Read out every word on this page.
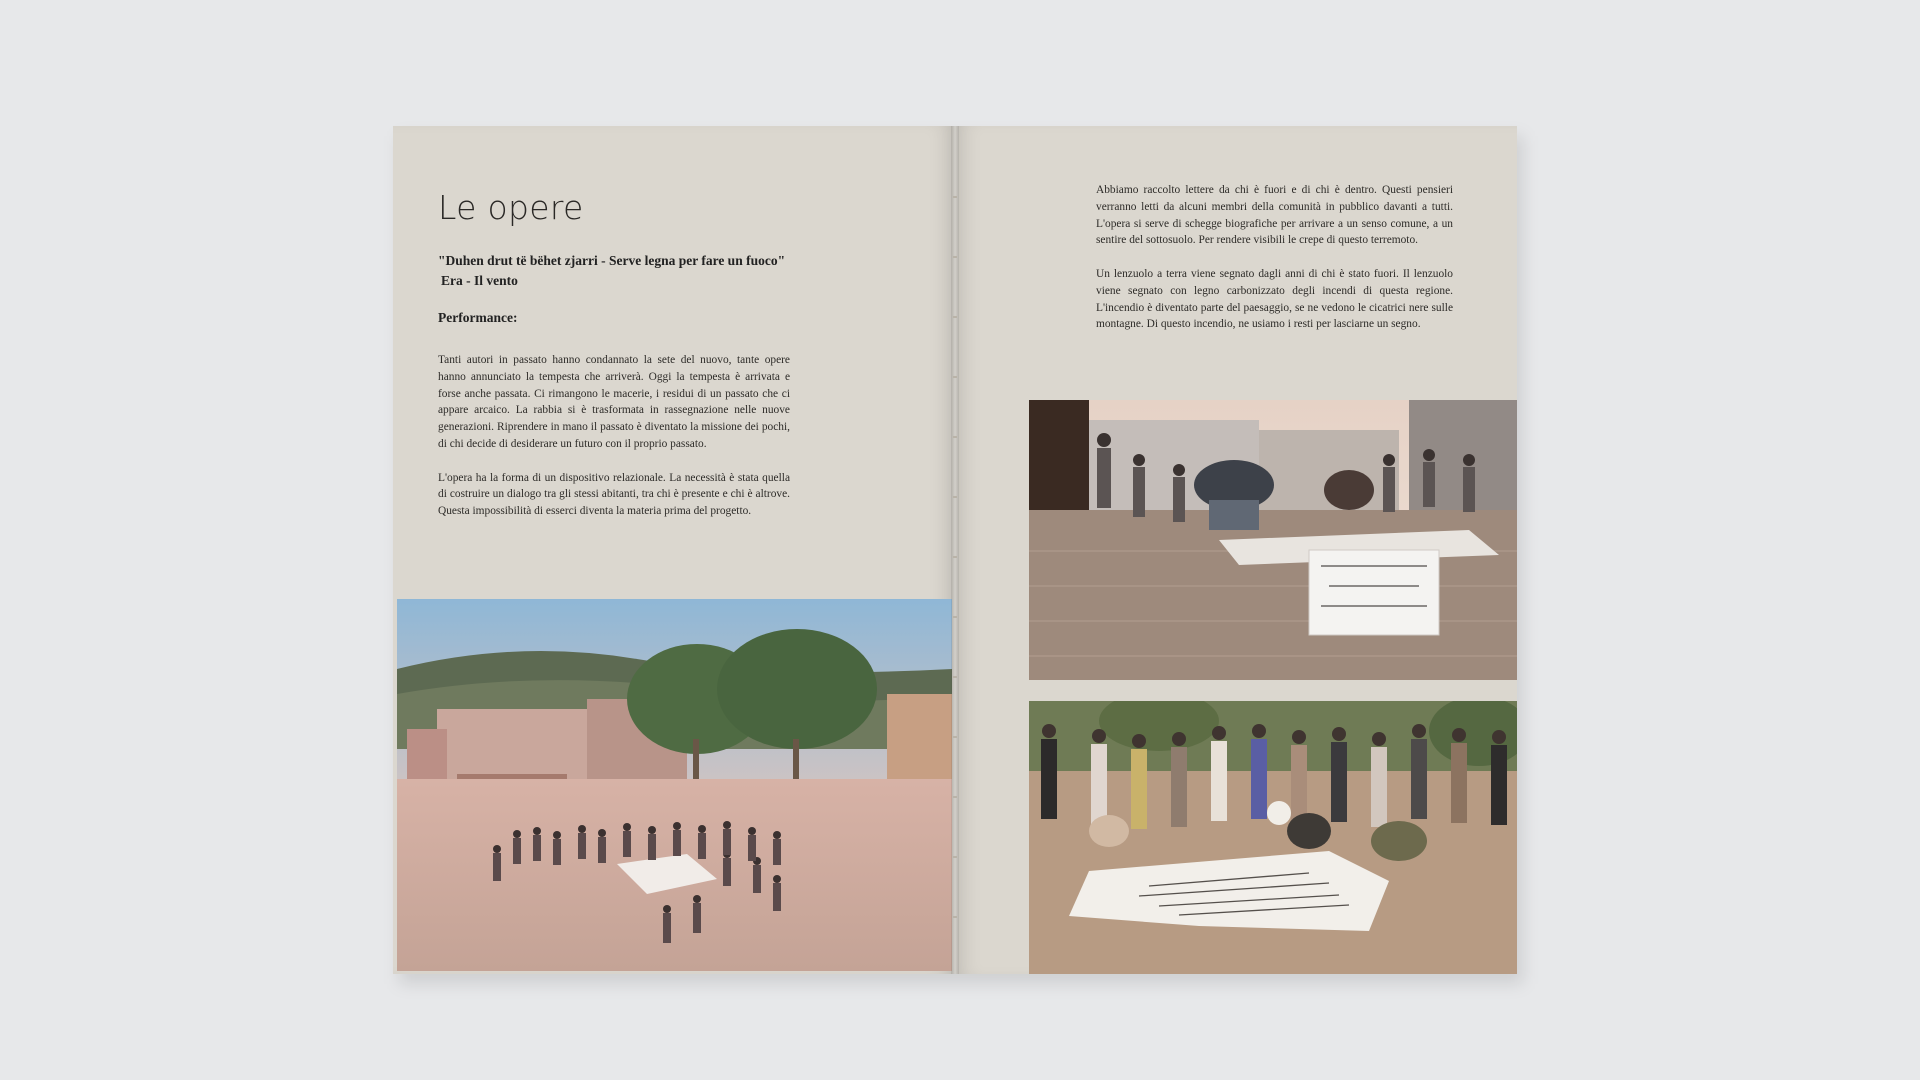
Le opere
"Duhen drut të bëhet zjarri - Serve legna per fare un fuoco"
Era - Il vento
Performance:

Tanti autori in passato hanno condannato la sete del nuovo, tante opere hanno annunciato la tempesta che arriverà. Oggi la tempesta è arrivata e forse anche passata. Ci rimangono le macerie, i residui di un passato che ci appare arcaico. La rabbia si è trasformata in rassegnazione nelle nuove generazioni. Riprendere in mano il passato è diventato la missione dei pochi, di chi decide di desiderare un futuro con il proprio passato.

L'opera ha la forma di un dispositivo relazionale. La necessità è stata quella di costruire un dialogo tra gli stessi abitanti, tra chi è presente e chi è altrove. Questa impossibilità di esserci diventa la materia prima del progetto.

Abbiamo raccolto lettere da chi è fuori e di chi è dentro. Questi pensieri verranno letti da alcuni membri della comunità in pubblico davanti a tutti. L'opera si serve di schegge biografiche per arrivare a un senso comune, a un sentire del sottosuolo. Per rendere visibili le crepe di questo terremoto.

Un lenzuolo a terra viene segnato dagli anni di chi è stato fuori. Il lenzuolo viene segnato con legno carbonizzato degli incendi di questa regione. L'incendio è diventato parte del paesaggio, se ne vedono le cicatrici nere sulle montagne. Di questo incendio, ne usiamo i resti per lasciarne un segno.
